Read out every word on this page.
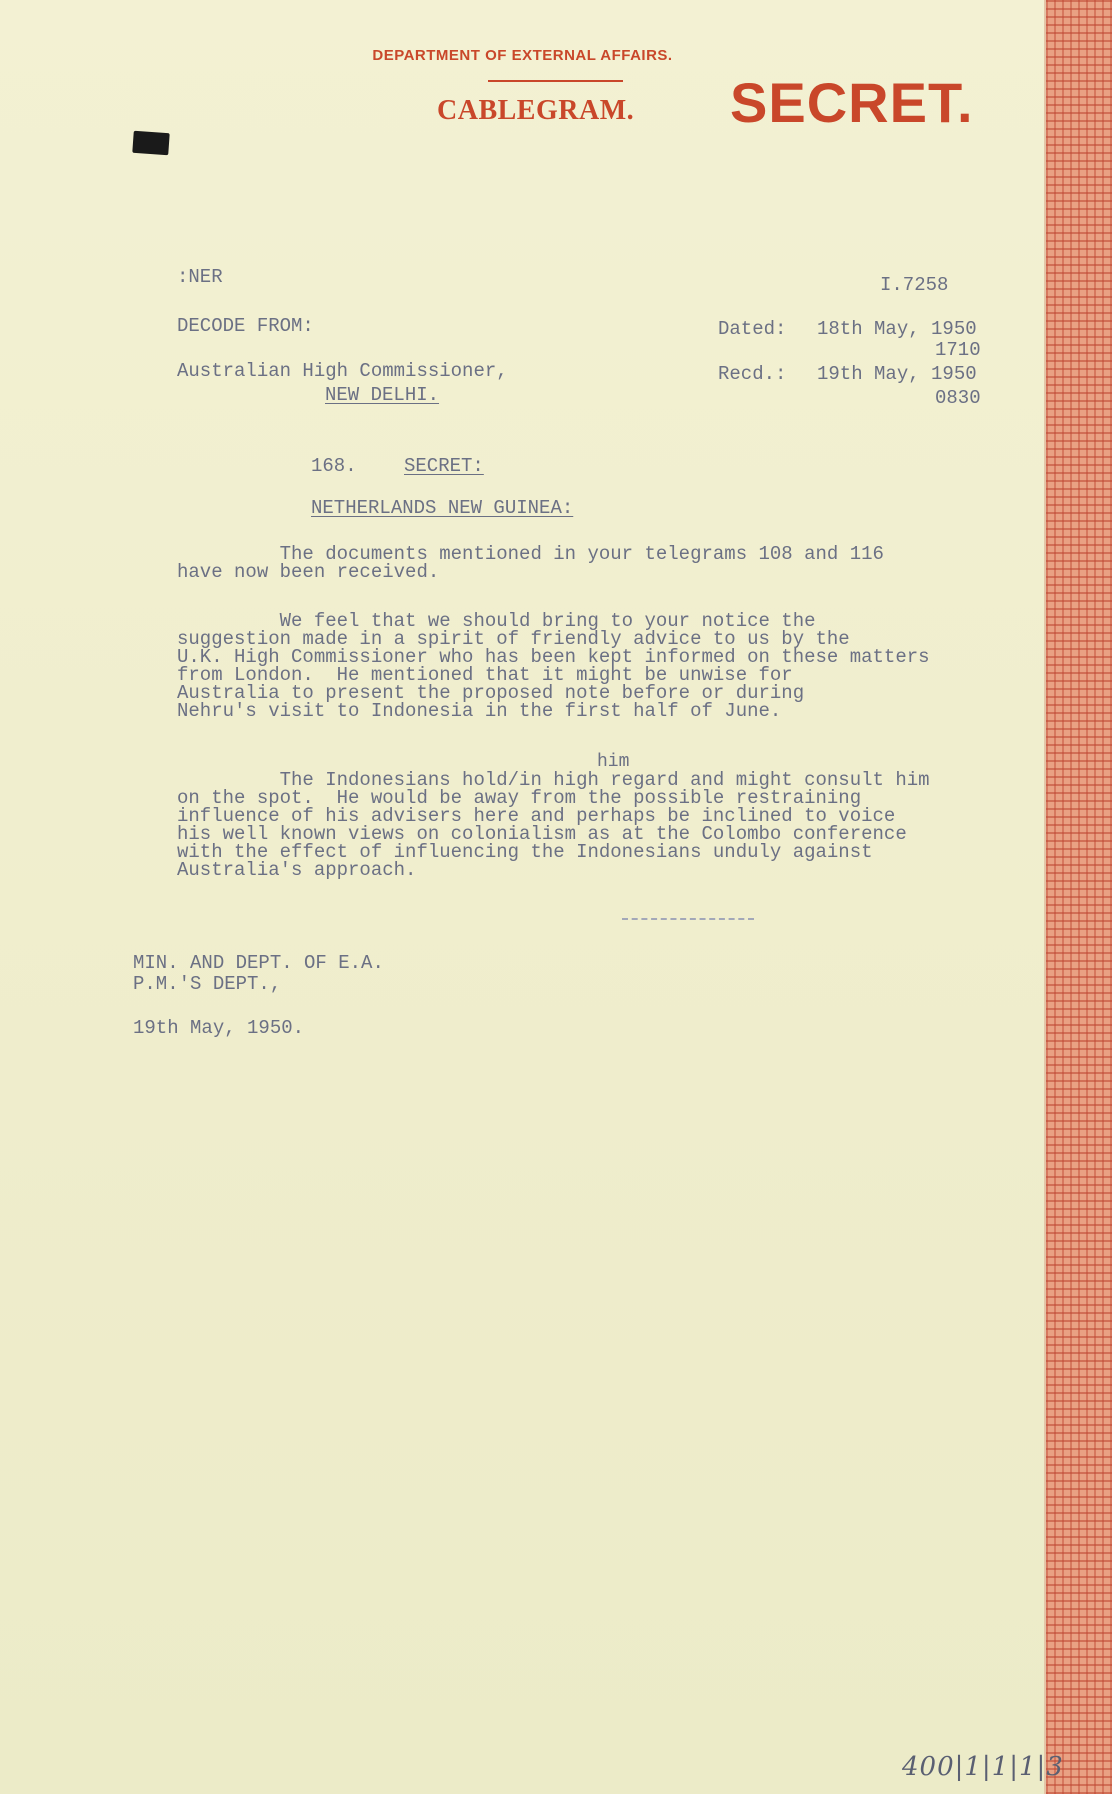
DEPARTMENT OF EXTERNAL AFFAIRS.
CABLEGRAM. SECRET.
:NER	I.7258
DECODE FROM:
Australian High Commissioner,
NEW DELHI.
Dated: 18th May, 1950
1710
Recd.: 19th May, 1950
0830
168. SECRET:
NETHERLANDS NEW GUINEA:
The documents mentioned in your telegrams 108 and 116
have now been received.
We feel that we should bring to your notice the
suggestion made in a spirit of friendly advice to us by the
U.K. High Commissioner who has been kept informed on these matters
from London.  He mentioned that it might be unwise for
Australia to present the proposed note before or during
Nehru's visit to Indonesia in the first half of June.
him
The Indonesians hold/in high regard and might consult him
on the spot.  He would be away from the possible restraining
influence of his advisers here and perhaps be inclined to voice
his well known views on colonialism as at the Colombo conference
with the effect of influencing the Indonesians unduly against
Australia's approach.
MIN. AND DEPT. OF E.A.
P.M.'S DEPT.,
19th May, 1950.
400|1|1|1|3
